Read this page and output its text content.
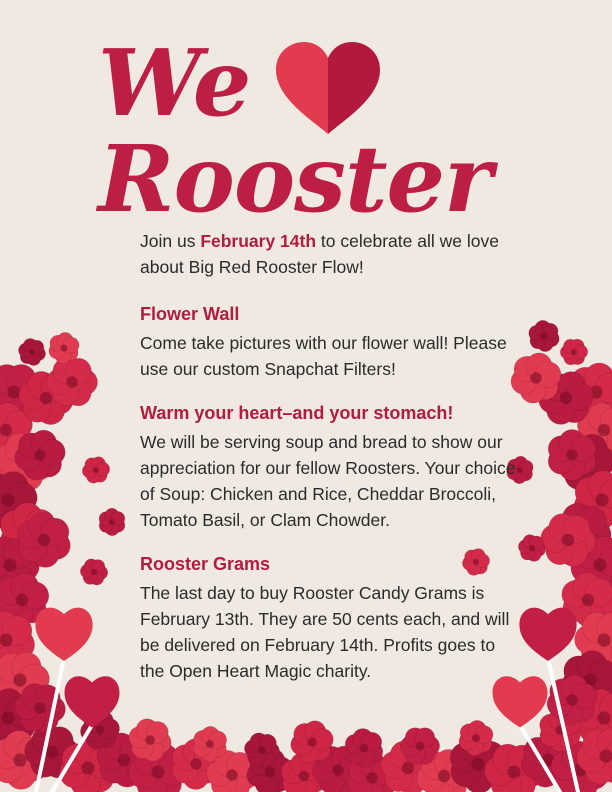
We
Rooster

Join us February 14th to celebrate all we love about Big Red Rooster Flow!

Flower Wall

Come take pictures with our flower wall! Please use our custom Snapchat Filters!

Warm your heart–and your stomach!

We will be serving soup and bread to show our appreciation for our fellow Roosters. Your choice of Soup: Chicken and Rice, Cheddar Broccoli, Tomato Basil, or Clam Chowder.

Rooster Grams

The last day to buy Rooster Candy Grams is February 13th. They are 50 cents each, and will be delivered on February 14th. Profits goes to the Open Heart Magic charity.
